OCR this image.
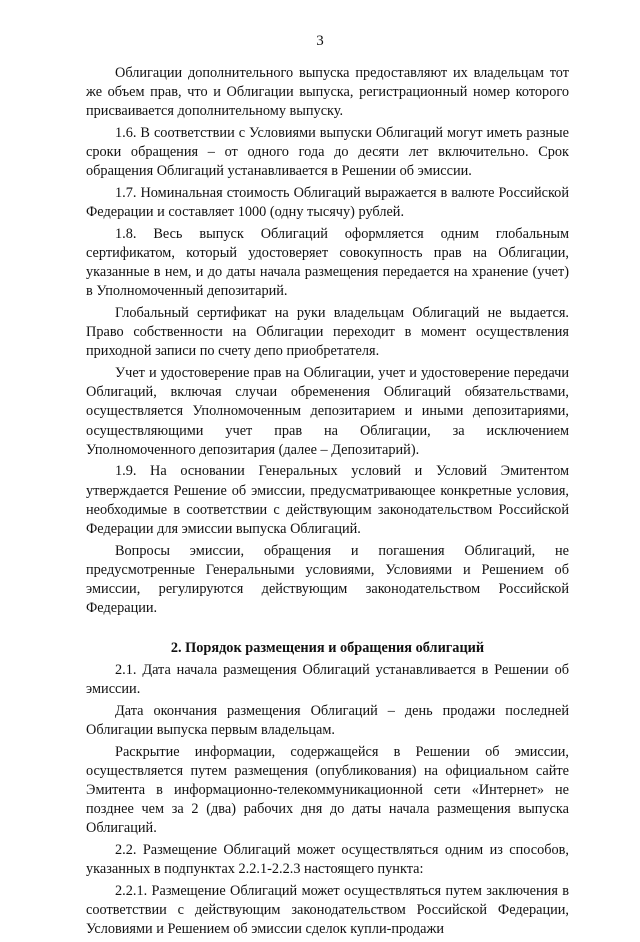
3

Облигации дополнительного выпуска предоставляют их владельцам тот же объем прав, что и Облигации выпуска, регистрационный номер которого присваивается дополнительному выпуску.

1.6. В соответствии с Условиями выпуски Облигаций могут иметь разные сроки обращения – от одного года до десяти лет включительно. Срок обращения Облигаций устанавливается в Решении об эмиссии.

1.7. Номинальная стоимость Облигаций выражается в валюте Российской Федерации и составляет 1000 (одну тысячу) рублей.

1.8. Весь выпуск Облигаций оформляется одним глобальным сертификатом, который удостоверяет совокупность прав на Облигации, указанные в нем, и до даты начала размещения передается на хранение (учет) в Уполномоченный депозитарий.

Глобальный сертификат на руки владельцам Облигаций не выдается. Право собственности на Облигации переходит в момент осуществления приходной записи по счету депо приобретателя.

Учет и удостоверение прав на Облигации, учет и удостоверение передачи Облигаций, включая случаи обременения Облигаций обязательствами, осуществляется Уполномоченным депозитарием и иными депозитариями, осуществляющими учет прав на Облигации, за исключением Уполномоченного депозитария (далее – Депозитарий).

1.9. На основании Генеральных условий и Условий Эмитентом утверждается Решение об эмиссии, предусматривающее конкретные условия, необходимые в соответствии с действующим законодательством Российской Федерации для эмиссии выпуска Облигаций.

Вопросы эмиссии, обращения и погашения Облигаций, не предусмотренные Генеральными условиями, Условиями и Решением об эмиссии, регулируются действующим законодательством Российской Федерации.

2. Порядок размещения и обращения облигаций

2.1. Дата начала размещения Облигаций устанавливается в Решении об эмиссии.

Дата окончания размещения Облигаций – день продажи последней Облигации выпуска первым владельцам.

Раскрытие информации, содержащейся в Решении об эмиссии, осуществляется путем размещения (опубликования) на официальном сайте Эмитента в информационно-телекоммуникационной сети «Интернет» не позднее чем за 2 (два) рабочих дня до даты начала размещения выпуска Облигаций.

2.2. Размещение Облигаций может осуществляться одним из способов, указанных в подпунктах 2.2.1-2.2.3 настоящего пункта:

2.2.1. Размещение Облигаций может осуществляться путем заключения в соответствии с действующим законодательством Российской Федерации, Условиями и Решением об эмиссии сделок купли-продажи
